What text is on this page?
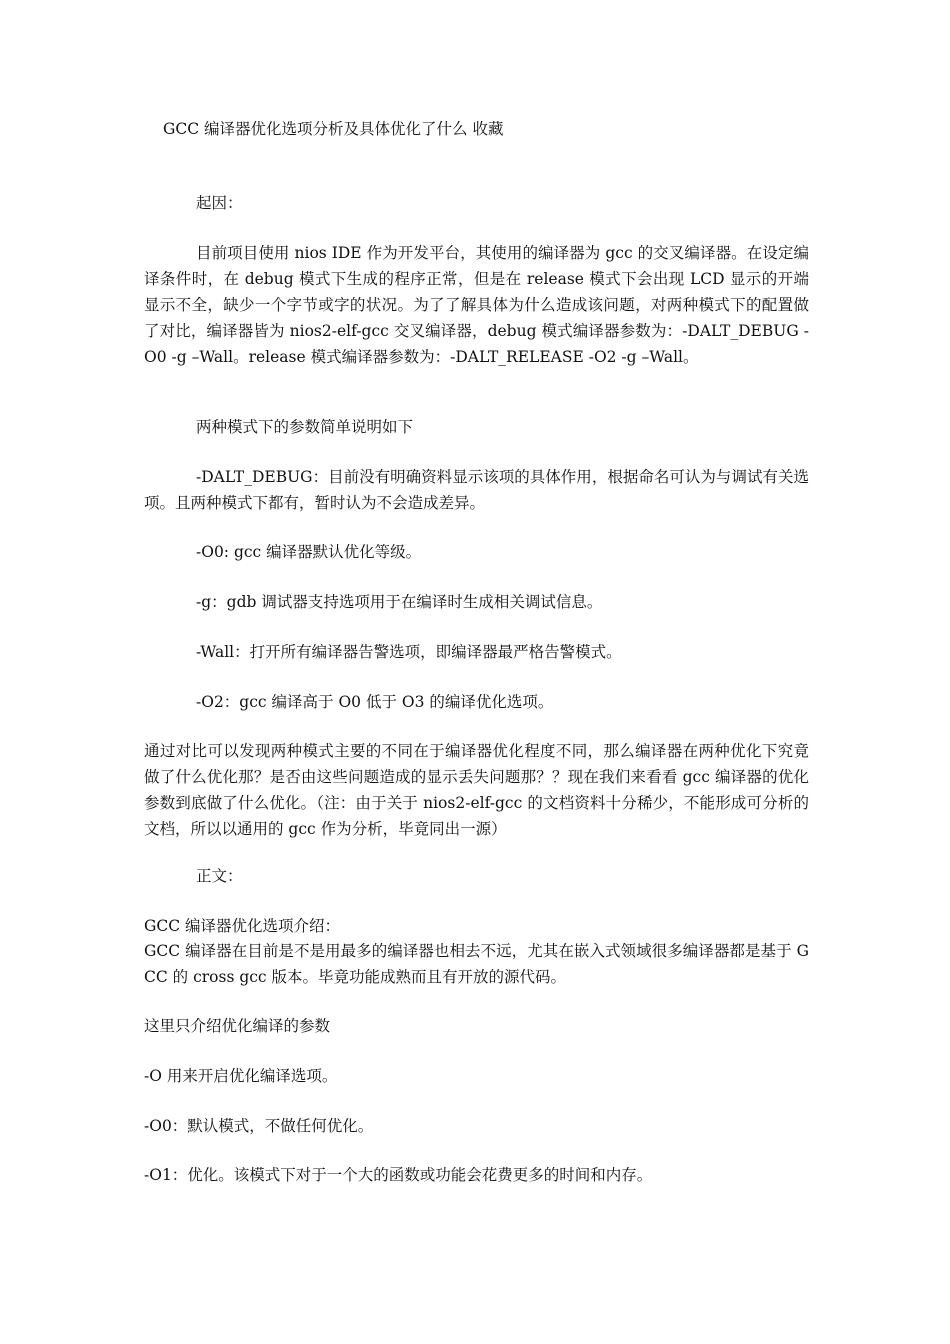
GCC 编译器优化选项分析及具体优化了什么 收藏

起因：

目前项目使用 nios IDE 作为开发平台，其使用的编译器为 gcc 的交叉编译器。在设定编译条件时，在 debug 模式下生成的程序正常，但是在 release 模式下会出现 LCD 显示的开端显示不全，缺少一个字节或字的状况。为了了解具体为什么造成该问题，对两种模式下的配置做了对比，编译器皆为 nios2-elf-gcc 交叉编译器，debug 模式编译器参数为：-DALT_DEBUG -O0 -g –Wall。release 模式编译器参数为：-DALT_RELEASE -O2 -g –Wall。

两种模式下的参数简单说明如下

-DALT_DEBUG：目前没有明确资料显示该项的具体作用，根据命名可认为与调试有关选项。且两种模式下都有，暂时认为不会造成差异。

-O0: gcc 编译器默认优化等级。

-g：gdb 调试器支持选项用于在编译时生成相关调试信息。

-Wall：打开所有编译器告警选项，即编译器最严格告警模式。

-O2：gcc 编译高于 O0 低于 O3 的编译优化选项。

通过对比可以发现两种模式主要的不同在于编译器优化程度不同，那么编译器在两种优化下究竟做了什么优化那？是否由这些问题造成的显示丢失问题那？？现在我们来看看 gcc 编译器的优化参数到底做了什么优化。（注：由于关于 nios2-elf-gcc 的文档资料十分稀少，不能形成可分析的文档，所以以通用的 gcc 作为分析，毕竟同出一源）

正文：

GCC 编译器优化选项介绍：

GCC 编译器在目前是不是用最多的编译器也相去不远，尤其在嵌入式领域很多编译器都是基于 GCC 的 cross gcc 版本。毕竟功能成熟而且有开放的源代码。

这里只介绍优化编译的参数

-O 用来开启优化编译选项。

-O0：默认模式，不做任何优化。

-O1：优化。该模式下对于一个大的函数或功能会花费更多的时间和内存。
